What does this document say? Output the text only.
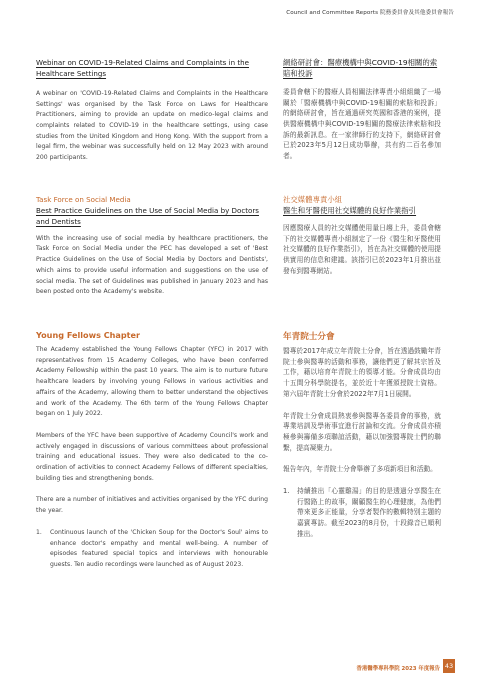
Council and Committee Reports 院務委員會及其他委員會報告
Webinar on COVID-19-Related Claims and Complaints in the Healthcare Settings
A webinar on 'COVID-19-Related Claims and Complaints in the Healthcare Settings' was organised by the Task Force on Laws for Healthcare Practitioners, aiming to provide an update on medico-legal claims and complaints related to COVID-19 in the healthcare settings, using case studies from the United Kingdom and Hong Kong. With the support from a legal firm, the webinar was successfully held on 12 May 2023 with around 200 participants.
Task Force on Social Media
Best Practice Guidelines on the Use of Social Media by Doctors and Dentists
With the increasing use of social media by healthcare practitioners, the Task Force on Social Media under the PEC has developed a set of 'Best Practice Guidelines on the Use of Social Media by Doctors and Dentists', which aims to provide useful information and suggestions on the use of social media. The set of Guidelines was published in January 2023 and has been posted onto the Academy's website.
Young Fellows Chapter
The Academy established the Young Fellows Chapter (YFC) in 2017 with representatives from 15 Academy Colleges, who have been conferred Academy Fellowship within the past 10 years. The aim is to nurture future healthcare leaders by involving young Fellows in various activities and affairs of the Academy, allowing them to better understand the objectives and work of the Academy. The 6th term of the Young Fellows Chapter began on 1 July 2022.
Members of the YFC have been supportive of Academy Council's work and actively engaged in discussions of various committees about professional training and educational issues. They were also dedicated to the co-ordination of activities to connect Academy Fellows of different specialties, building ties and strengthening bonds.
There are a number of initiatives and activities organised by the YFC during the year.
1.	Continuous launch of the 'Chicken Soup for the Doctor's Soul' aims to enhance doctor's empathy and mental well-being. A number of episodes featured special topics and interviews with honourable guests. Ten audio recordings were launched as of August 2023.
網絡研討會：醫療機構中與COVID-19相關的索賠和投訴
委員會轄下的醫療人員相關法律專責小組組織了一場關於「醫療機構中與COVID-19相關的索賠和投訴」的網絡研討會，旨在通過研究英國和香港的案例，提供醫療機構中與COVID-19相關的醫療法律索賠和投訴的最新訊息。在一家律師行的支持下，網絡研討會已於2023年5月12日成功舉辦，共有約二百名參加者。
社交媒體專責小組
醫生和牙醫使用社交媒體的良好作業指引
因應醫療人員的社交媒體使用量日趨上升，委員會轄下的社交媒體專責小組制定了一份《醫生和牙醫使用社交媒體的良好作業指引》，旨在為社交媒體的使用提供實用的信息和建議。該指引已於2023年1月推出並發布到醫專網站。
年青院士分會
醫專於2017年成立年青院士分會，旨在透過鼓勵年青院士參與醫專的活動和事務，讓他們更了解其宗旨及工作，藉以培育年青院士的領導才能。分會成員均由十五間分科學院提名，並於近十年獲頒授院士資格。第六屆年青院士分會於2022年7月1日展開。
年青院士分會成員熱衷參與醫專各委員會的事務，就專業培訓及學術事宜進行討論和交流。分會成員亦積極參與籌備多項聯誼活動，藉以加強醫專院士們的聯繫，提高凝聚力。
報告年內，年青院士分會舉辦了多項新項目和活動。
1.	持續推出「心靈雞湯」的目的是透過分享醫生在行醫路上的故事，關顧醫生的心理健康，為他們帶來更多正能量，分享者製作的數輯特別主題的嘉賓專訪。截至2023的8月份，十段錄音已順利推出。
香港醫學專科學院 2023 年度報告 43
